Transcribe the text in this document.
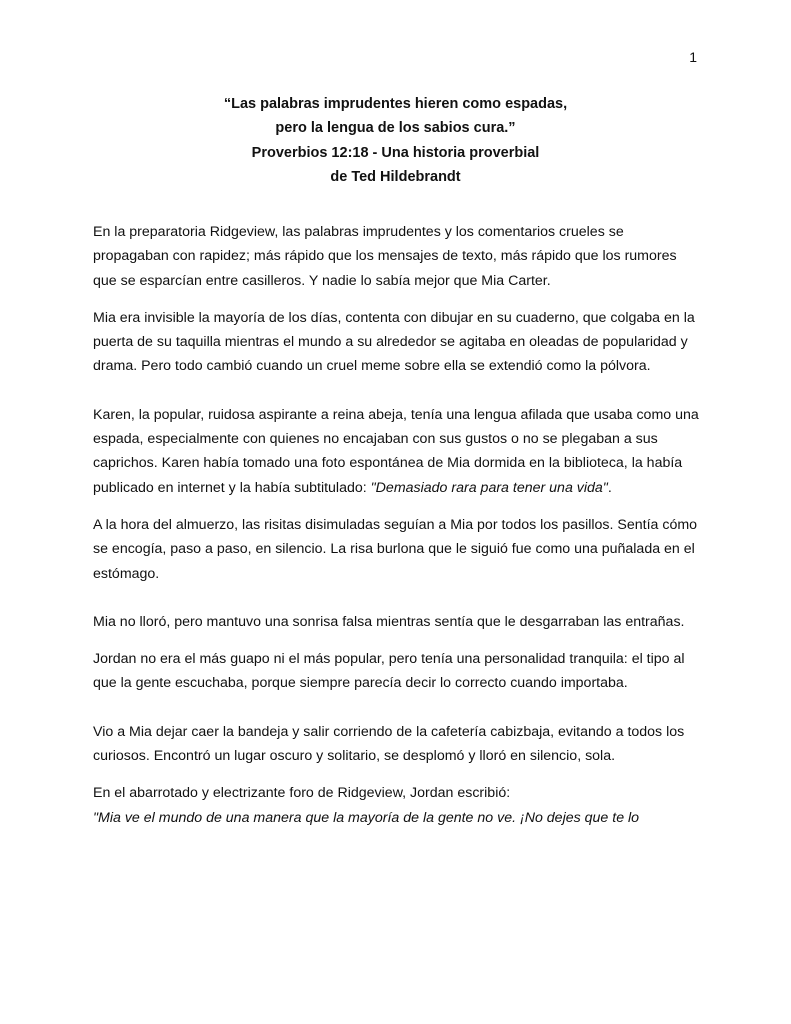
1
“Las palabras imprudentes hieren como espadas,
pero la lengua de los sabios cura.”
Proverbios 12:18 - Una historia proverbial
de Ted Hildebrandt

En la preparatoria Ridgeview, las palabras imprudentes y los comentarios crueles se propagaban con rapidez; más rápido que los mensajes de texto, más rápido que los rumores que se esparcían entre casilleros. Y nadie lo sabía mejor que Mia Carter.

Mia era invisible la mayoría de los días, contenta con dibujar en su cuaderno, que colgaba en la puerta de su taquilla mientras el mundo a su alrededor se agitaba en oleadas de popularidad y drama. Pero todo cambió cuando un cruel meme sobre ella se extendió como la pólvora.

Karen, la popular, ruidosa aspirante a reina abeja, tenía una lengua afilada que usaba como una espada, especialmente con quienes no encajaban con sus gustos o no se plegaban a sus caprichos. Karen había tomado una foto espontánea de Mia dormida en la biblioteca, la había publicado en internet y la había subtitulado: "Demasiado rara para tener una vida".

A la hora del almuerzo, las risitas disimuladas seguían a Mia por todos los pasillos. Sentía cómo se encogía, paso a paso, en silencio. La risa burlona que le siguió fue como una puñalada en el estómago.

Mia no lloró, pero mantuvo una sonrisa falsa mientras sentía que le desgarraban las entrañas.

Jordan no era el más guapo ni el más popular, pero tenía una personalidad tranquila: el tipo al que la gente escuchaba, porque siempre parecía decir lo correcto cuando importaba.

Vio a Mia dejar caer la bandeja y salir corriendo de la cafetería cabizbaja, evitando a todos los curiosos. Encontró un lugar oscuro y solitario, se desplomó y lloró en silencio, sola.

En el abarrotado y electrizante foro de Ridgeview, Jordan escribió:
"Mia ve el mundo de una manera que la mayoría de la gente no ve. ¡No dejes que te lo
